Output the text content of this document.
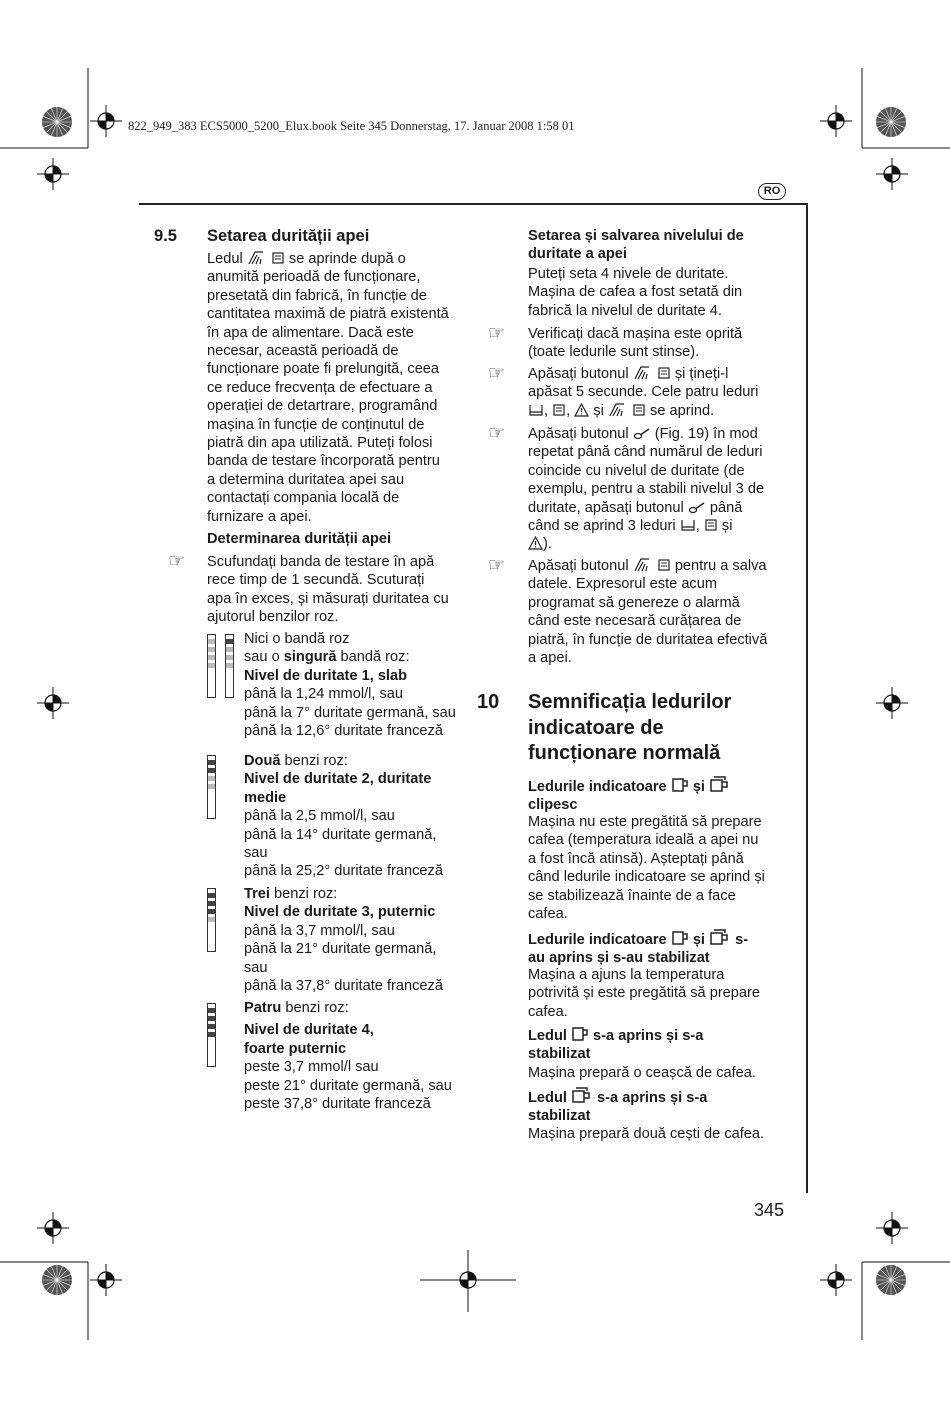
822_949_383 ECS5000_5200_Elux.book Seite 345 Donnerstag, 17. Januar 2008 1:58 01
RO
9.5 Setarea durității apei
Ledul	se aprinde după o
anumită perioadă de funcționare,
presetată din fabrică, în funcție de
cantitatea maximă de piatră existentă
în apa de alimentare. Dacă este
necesar, această perioadă de
funcționare poate fi prelungită, ceea
ce reduce frecvența de efectuare a
operației de detartrare, programând
mașina în funcție de conținutul de
piatră din apa utilizată. Puteți folosi
banda de testare încorporată pentru
a determina duritatea apei sau
contactați compania locală de
furnizare a apei.
Determinarea durității apei
☞ Scufundați banda de testare în apă
rece timp de 1 secundă. Scuturați
apa în exces, și măsurați duritatea cu
ajutorul benzilor roz.
Nici o bandă roz
sau o singură bandă roz:
Nivel de duritate 1, slab
până la 1,24 mmol/l, sau
până la 7° duritate germană, sau
până la 12,6° duritate franceză
Două benzi roz:
Nivel de duritate 2, duritate
medie
până la 2,5 mmol/l, sau
până la 14° duritate germană,
sau
până la 25,2° duritate franceză
Trei benzi roz:
Nivel de duritate 3, puternic
până la 3,7 mmol/l, sau
până la 21° duritate germană,
sau
până la 37,8° duritate franceză
Patru benzi roz:
Nivel de duritate 4,
foarte puternic
peste 3,7 mmol/l sau
peste 21° duritate germană, sau
peste 37,8° duritate franceză
Setarea și salvarea nivelului de
duritate a apei
Puteți seta 4 nivele de duritate.
Mașina de cafea a fost setată din
fabrică la nivelul de duritate 4.
☞ Verificați dacă mașina este oprită
(toate ledurile sunt stinse).
☞ Apăsați butonul	și țineți-l
apăsat 5 secunde. Cele patru leduri
, , și	se aprind.
☞ Apăsați butonul (Fig. 19) în mod
repetat până când numărul de leduri
coincide cu nivelul de duritate (de
exemplu, pentru a stabili nivelul 3 de
duritate, apăsați butonul până
când se aprind 3 leduri , și
).
☞ Apăsați butonul	pentru a salva
datele. Expresorul este acum
programat să genereze o alarmă
când este necesară curățarea de
piatră, în funcție de duritatea efectivă
a apei.
10 Semnificația ledurilor
indicatoare de
funcționare normală
Ledurile indicatoare și
clipesc
Mașina nu este pregătită să prepare
cafea (temperatura ideală a apei nu
a fost încă atinsă). Așteptați până
când ledurile indicatoare se aprind și
se stabilizează înainte de a face
cafea.
Ledurile indicatoare și s-
au aprins și s-au stabilizat
Mașina a ajuns la temperatura
potrivită și este pregătită să prepare
cafea.
Ledul s-a aprins și s-a
stabilizat
Mașina prepară o ceașcă de cafea.
Ledul s-a aprins și s-a
stabilizat
Mașina prepară două cești de cafea.
345
